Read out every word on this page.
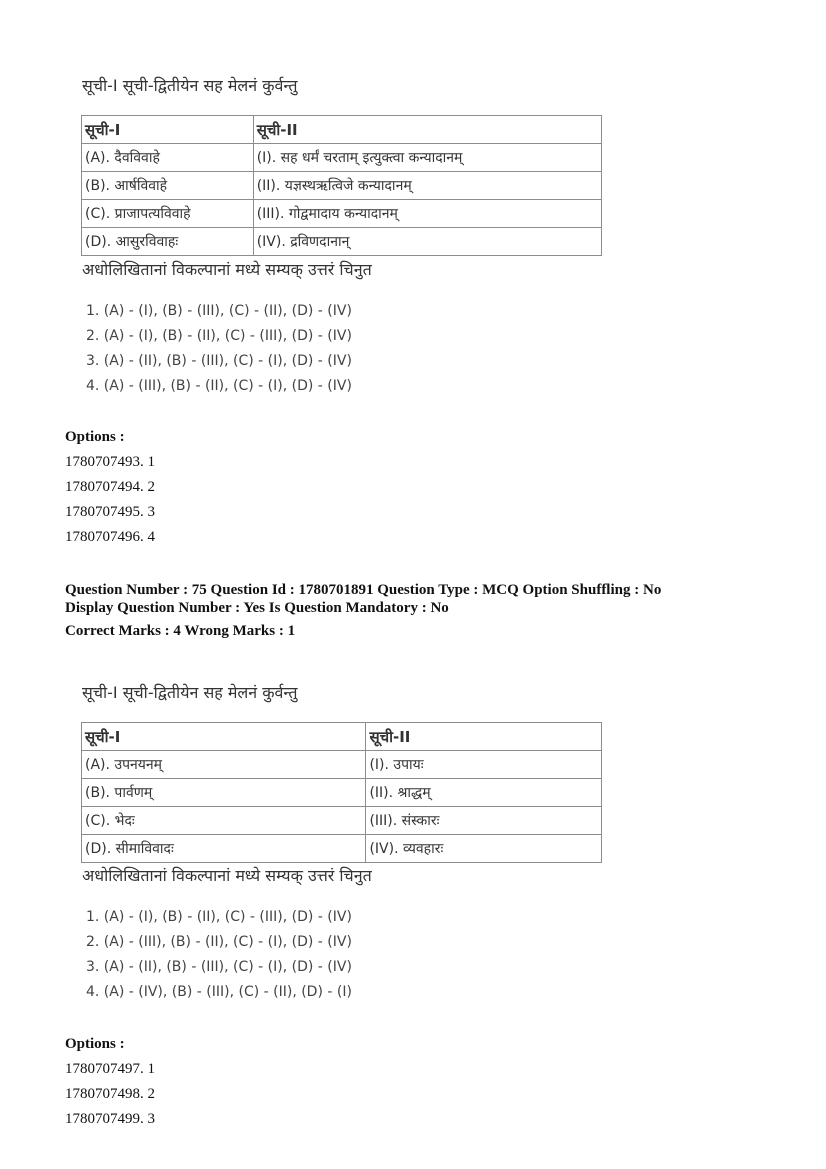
सूची-I सूची-द्वितीयेन सह मेलनं कुर्वन्तु
सूची-I	सूची-II
(A). दैवविवाहे	(I). सह धर्मं चरताम् इत्युक्त्वा कन्यादानम्
(B). आर्षविवाहे	(II). यज्ञस्थऋत्विजे कन्यादानम्
(C). प्राजापत्यविवाहे	(III). गोद्वमादाय कन्यादानम्
(D). आसुरविवाहः	(IV). द्रविणदानान्
अधोलिखितानां विकल्पानां मध्ये सम्यक् उत्तरं चिनुत
1. (A) - (I), (B) - (III), (C) - (II), (D) - (IV)
2. (A) - (I), (B) - (II), (C) - (III), (D) - (IV)
3. (A) - (II), (B) - (III), (C) - (I), (D) - (IV)
4. (A) - (III), (B) - (II), (C) - (I), (D) - (IV)
Options :
1780707493. 1
1780707494. 2
1780707495. 3
1780707496. 4
Question Number : 75 Question Id : 1780701891 Question Type : MCQ Option Shuffling : No
Display Question Number : Yes Is Question Mandatory : No
Correct Marks : 4 Wrong Marks : 1
सूची-I सूची-द्वितीयेन सह मेलनं कुर्वन्तु
सूची-I	सूची-II
(A). उपनयनम्	(I). उपायः
(B). पार्वणम्	(II). श्राद्धम्
(C). भेदः	(III). संस्कारः
(D). सीमाविवादः	(IV). व्यवहारः
अधोलिखितानां विकल्पानां मध्ये सम्यक् उत्तरं चिनुत
1. (A) - (I), (B) - (II), (C) - (III), (D) - (IV)
2. (A) - (III), (B) - (II), (C) - (I), (D) - (IV)
3. (A) - (II), (B) - (III), (C) - (I), (D) - (IV)
4. (A) - (IV), (B) - (III), (C) - (II), (D) - (I)
Options :
1780707497. 1
1780707498. 2
1780707499. 3
